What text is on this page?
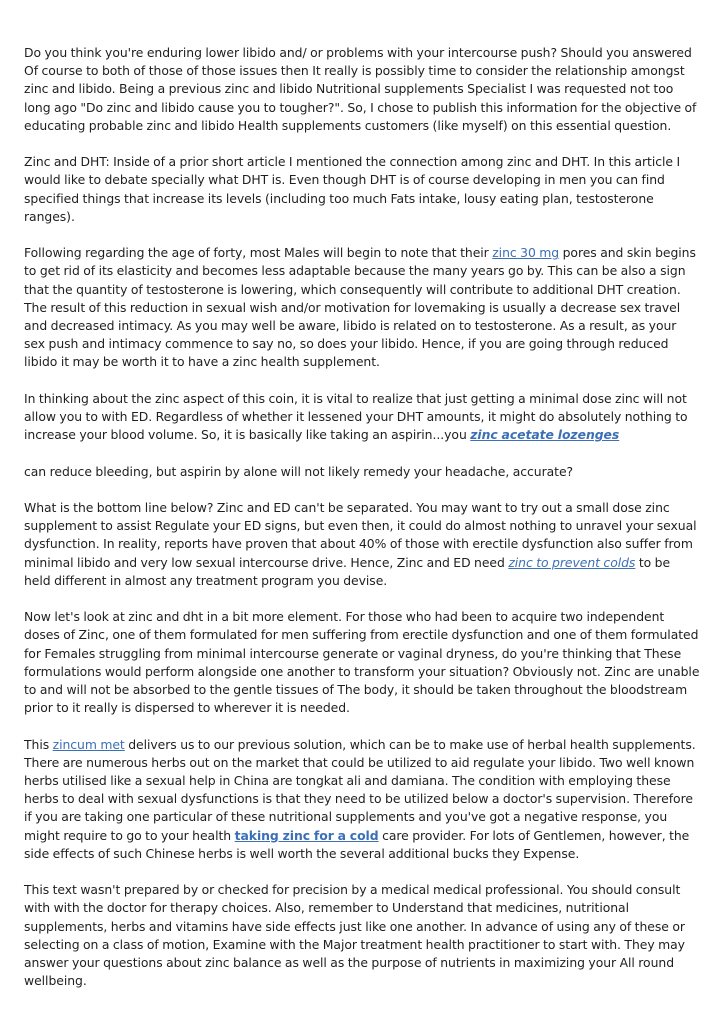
Do you think you're enduring lower libido and/ or problems with your intercourse push? Should you answered Of course to both of those of those issues then It really is possibly time to consider the relationship amongst zinc and libido. Being a previous zinc and libido Nutritional supplements Specialist I was requested not too long ago "Do zinc and libido cause you to tougher?". So, I chose to publish this information for the objective of educating probable zinc and libido Health supplements customers (like myself) on this essential question.

Zinc and DHT: Inside of a prior short article I mentioned the connection among zinc and DHT. In this article I would like to debate specially what DHT is. Even though DHT is of course developing in men you can find specified things that increase its levels (including too much Fats intake, lousy eating plan, testosterone ranges).

Following regarding the age of forty, most Males will begin to note that their zinc 30 mg pores and skin begins to get rid of its elasticity and becomes less adaptable because the many years go by. This can be also a sign that the quantity of testosterone is lowering, which consequently will contribute to additional DHT creation. The result of this reduction in sexual wish and/or motivation for lovemaking is usually a decrease sex travel and decreased intimacy. As you may well be aware, libido is related on to testosterone. As a result, as your sex push and intimacy commence to say no, so does your libido. Hence, if you are going through reduced libido it may be worth it to have a zinc health supplement.

In thinking about the zinc aspect of this coin, it is vital to realize that just getting a minimal dose zinc will not allow you to with ED. Regardless of whether it lessened your DHT amounts, it might do absolutely nothing to increase your blood volume. So, it is basically like taking an aspirin...you zinc acetate lozenges

can reduce bleeding, but aspirin by alone will not likely remedy your headache, accurate?

What is the bottom line below? Zinc and ED can't be separated. You may want to try out a small dose zinc supplement to assist Regulate your ED signs, but even then, it could do almost nothing to unravel your sexual dysfunction. In reality, reports have proven that about 40% of those with erectile dysfunction also suffer from minimal libido and very low sexual intercourse drive. Hence, Zinc and ED need zinc to prevent colds to be held different in almost any treatment program you devise.

Now let's look at zinc and dht in a bit more element. For those who had been to acquire two independent doses of Zinc, one of them formulated for men suffering from erectile dysfunction and one of them formulated for Females struggling from minimal intercourse generate or vaginal dryness, do you're thinking that These formulations would perform alongside one another to transform your situation? Obviously not. Zinc are unable to and will not be absorbed to the gentle tissues of The body, it should be taken throughout the bloodstream prior to it really is dispersed to wherever it is needed.

This zincum met delivers us to our previous solution, which can be to make use of herbal health supplements. There are numerous herbs out on the market that could be utilized to aid regulate your libido. Two well known herbs utilised like a sexual help in China are tongkat ali and damiana. The condition with employing these herbs to deal with sexual dysfunctions is that they need to be utilized below a doctor's supervision. Therefore if you are taking one particular of these nutritional supplements and you've got a negative response, you might require to go to your health taking zinc for a cold care provider. For lots of Gentlemen, however, the side effects of such Chinese herbs is well worth the several additional bucks they Expense.

This text wasn't prepared by or checked for precision by a medical medical professional. You should consult with with the doctor for therapy choices. Also, remember to Understand that medicines, nutritional supplements, herbs and vitamins have side effects just like one another. In advance of using any of these or selecting on a class of motion, Examine with the Major treatment health practitioner to start with. They may answer your questions about zinc balance as well as the purpose of nutrients in maximizing your All round wellbeing.
